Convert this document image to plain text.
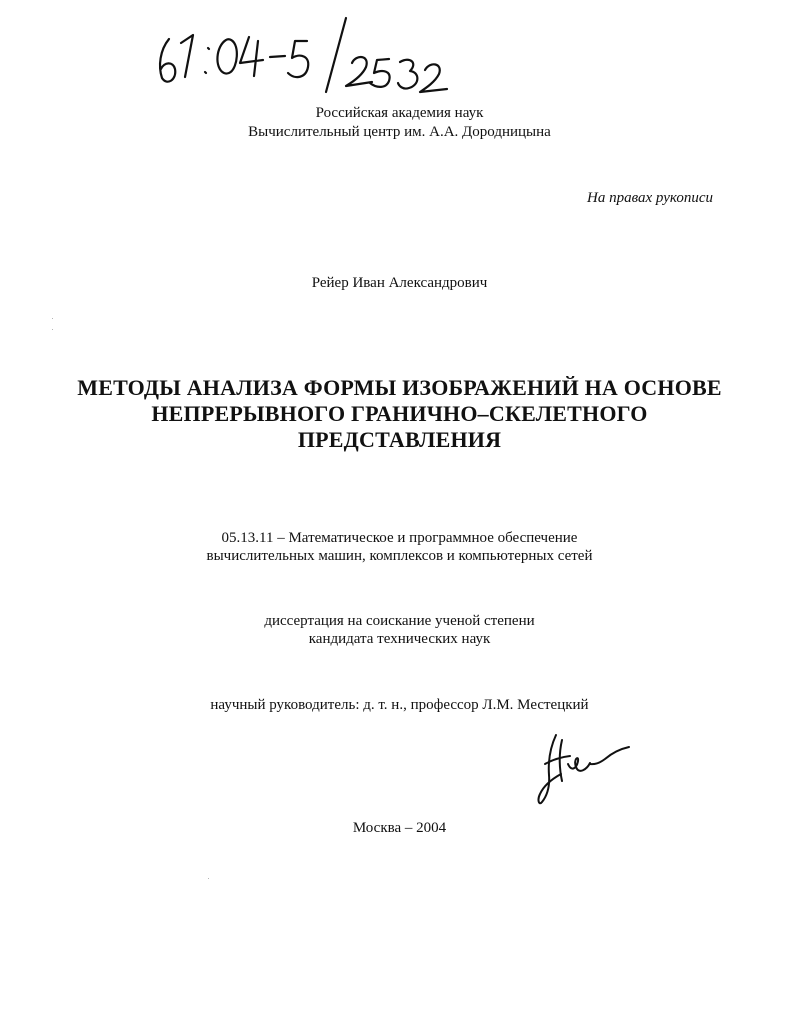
Российская академия наук
Вычислительный центр им. А.А. Дородницына
На правах рукописи
Рейер Иван Александрович
МЕТОДЫ АНАЛИЗА ФОРМЫ ИЗОБРАЖЕНИЙ НА ОСНОВЕ
НЕПРЕРЫВНОГО ГРАНИЧНО–СКЕЛЕТНОГО
ПРЕДСТАВЛЕНИЯ
05.13.11 – Математическое и программное обеспечение
вычислительных машин, комплексов и компьютерных сетей
диссертация на соискание ученой степени
кандидата технических наук
научный руководитель: д. т. н., профессор Л.М. Местецкий
Москва – 2004
